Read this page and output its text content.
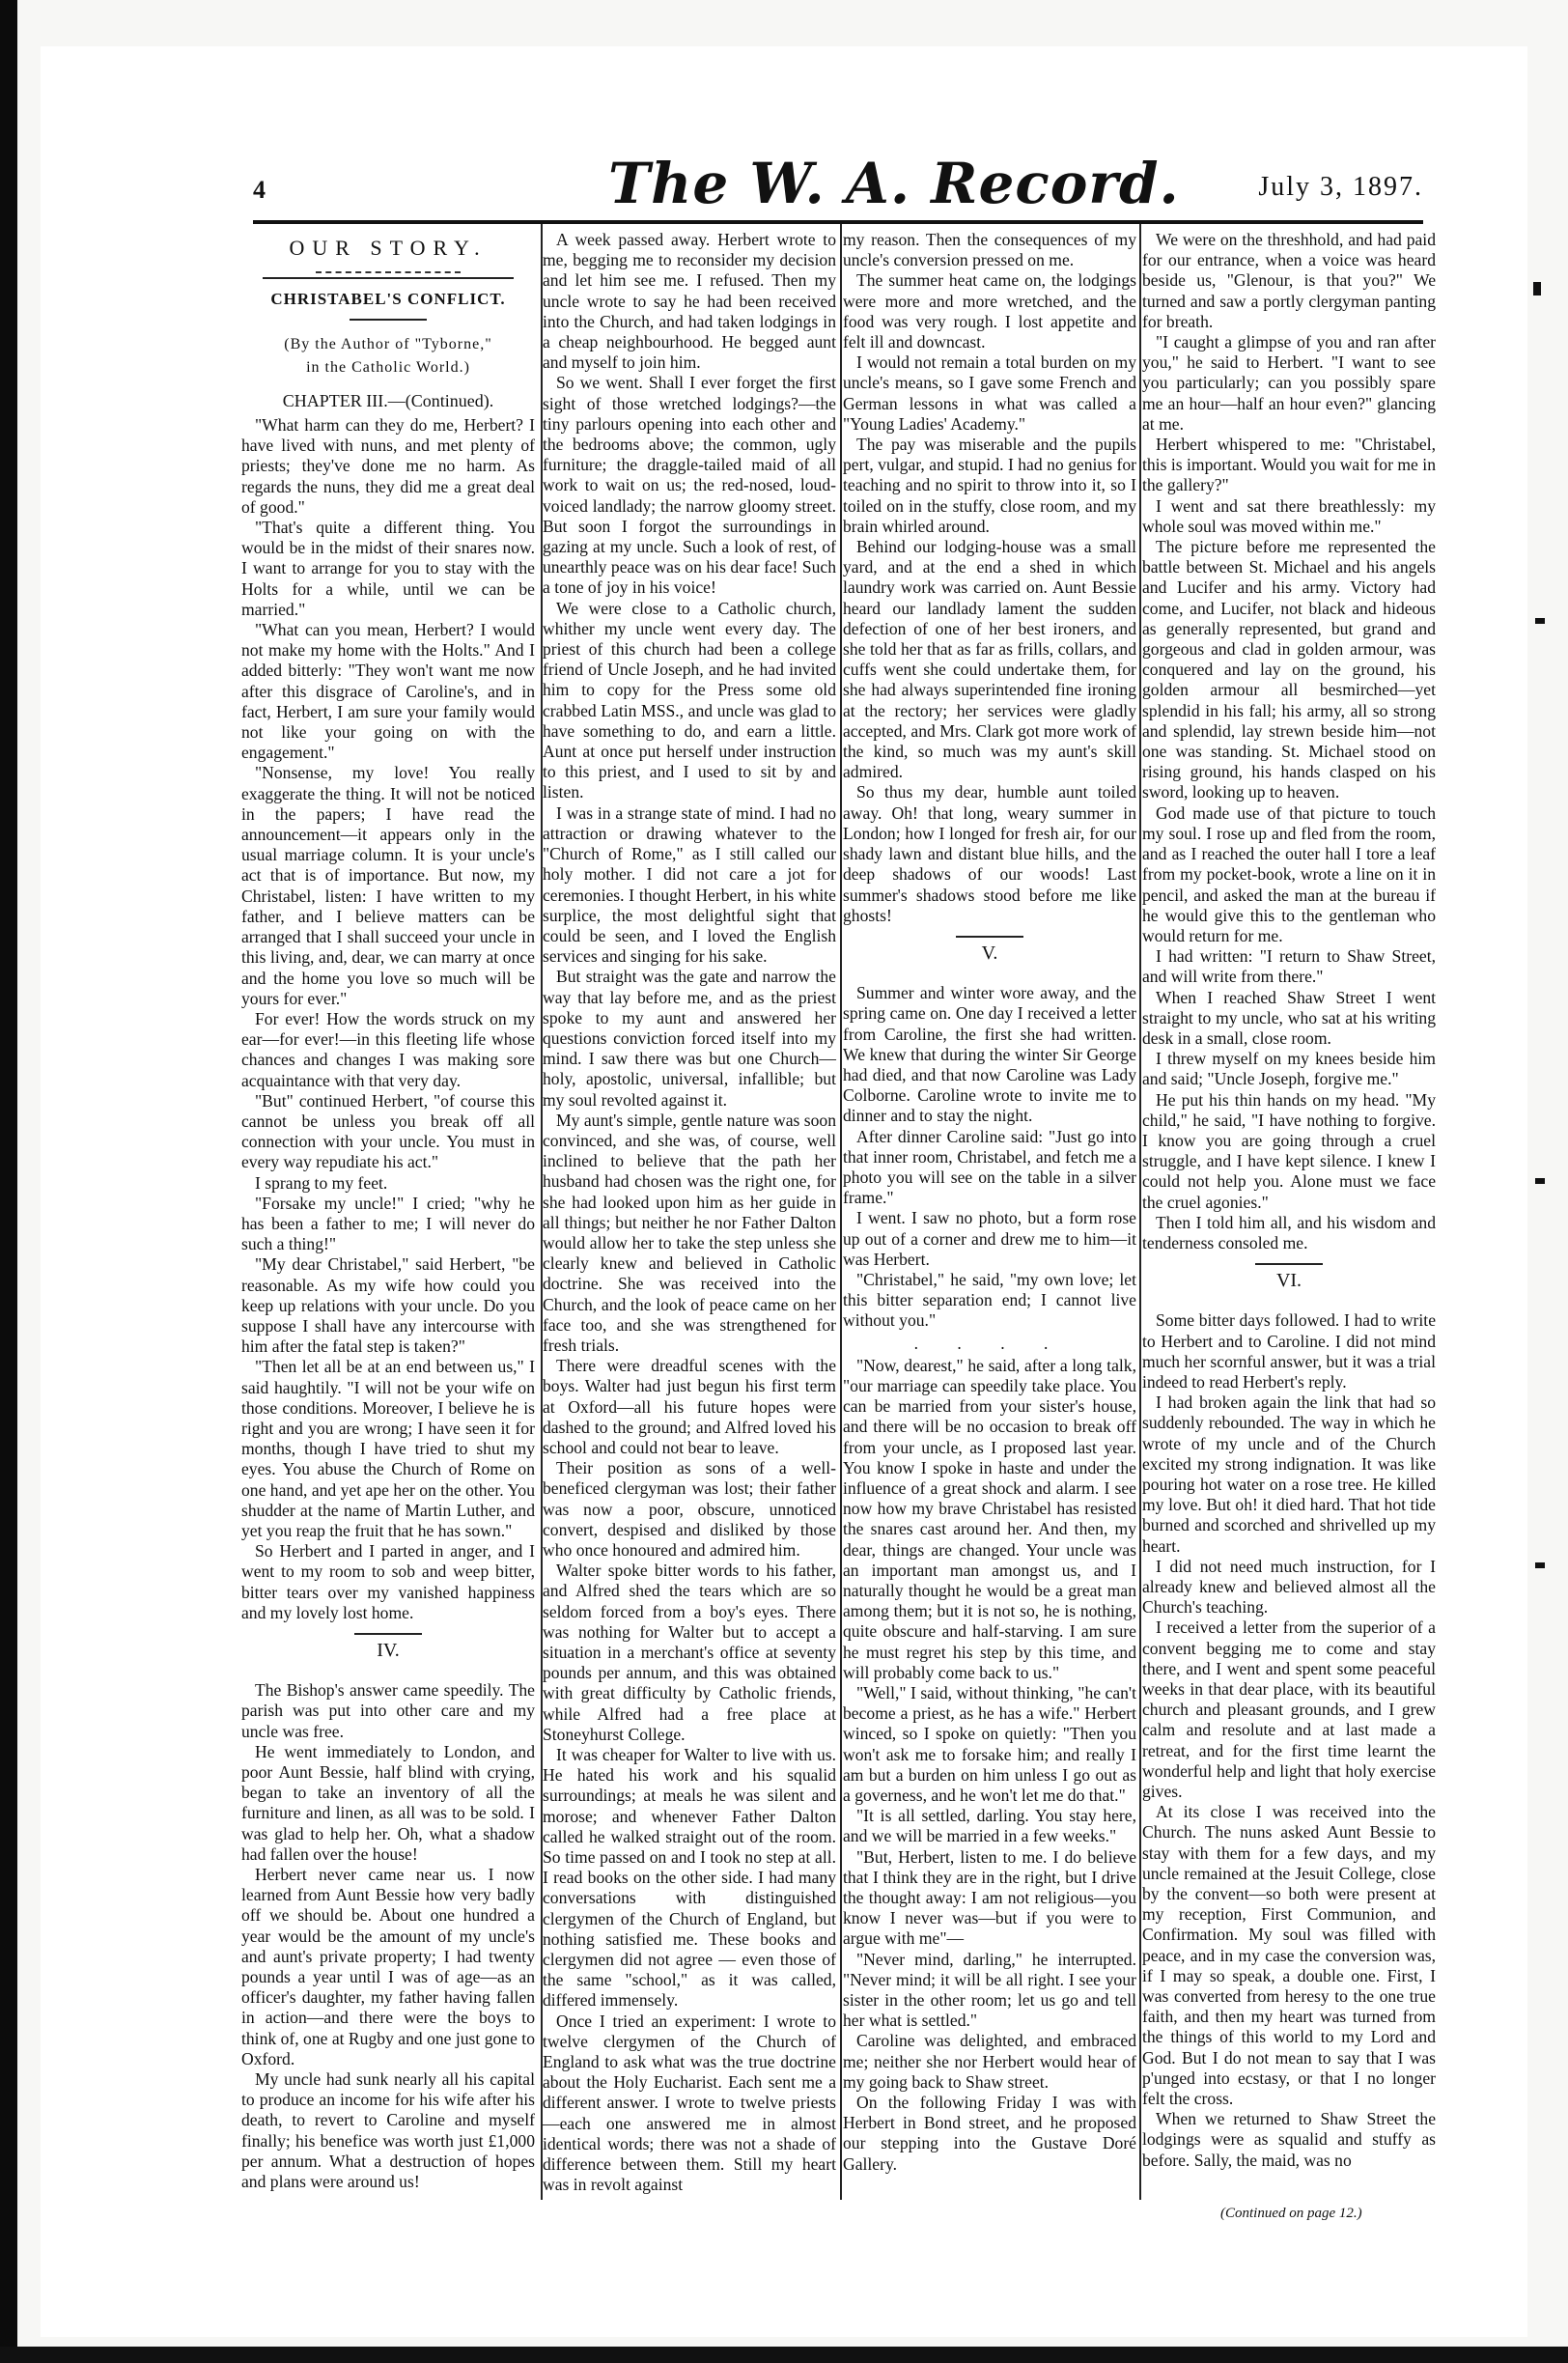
4	The W. A. Record.	July 3, 1897.
OUR STORY.
CHRISTABEL'S CONFLICT.
(By the Author of "Tyborne,"
in the Catholic World.)
CHAPTER III.—(Continued).

"What harm can they do me, Herbert? I have lived with nuns, and met plenty of priests; they've done me no harm. As regards the nuns, they did me a great deal of good."

"That's quite a different thing. You would be in the midst of their snares now. I want to arrange for you to stay with the Holts for a while, until we can be married."

"What can you mean, Herbert? I would not make my home with the Holts." And I added bitterly: "They won't want me now after this disgrace of Caroline's, and in fact, Herbert, I am sure your family would not like your going on with the engagement."

"Nonsense, my love! You really exaggerate the thing. It will not be noticed in the papers; I have read the announcement—it appears only in the usual marriage column. It is your uncle's act that is of importance. But now, my Christabel, listen: I have written to my father, and I believe matters can be arranged that I shall succeed your uncle in this living, and, dear, we can marry at once and the home you love so much will be yours for ever."

For ever! How the words struck on my ear—for ever!—in this fleeting life whose chances and changes I was making sore acquaintance with that very day.

"But" continued Herbert, "of course this cannot be unless you break off all connection with your uncle. You must in every way repudiate his act."

I sprang to my feet.

"Forsake my uncle!" I cried; "why he has been a father to me; I will never do such a thing!"

"My dear Christabel," said Herbert, "be reasonable. As my wife how could you keep up relations with your uncle. Do you suppose I shall have any intercourse with him after the fatal step is taken?"

"Then let all be at an end between us," I said haughtily. "I will not be your wife on those conditions. Moreover, I believe he is right and you are wrong; I have seen it for months, though I have tried to shut my eyes. You abuse the Church of Rome on one hand, and yet ape her on the other. You shudder at the name of Martin Luther, and yet you reap the fruit that he has sown."

So Herbert and I parted in anger, and I went to my room to sob and weep bitter, bitter tears over my vanished happiness and my lovely lost home.

IV.

The Bishop's answer came speedily. The parish was put into other care and my uncle was free.

He went immediately to London, and poor Aunt Bessie, half blind with crying, began to take an inventory of all the furniture and linen, as all was to be sold. I was glad to help her. Oh, what a shadow had fallen over the house!

Herbert never came near us. I now learned from Aunt Bessie how very badly off we should be. About one hundred a year would be the amount of my uncle's and aunt's private property; I had twenty pounds a year until I was of age—as an officer's daughter, my father having fallen in action—and there were the boys to think of, one at Rugby and one just gone to Oxford.

My uncle had sunk nearly all his capital to produce an income for his wife after his death, to revert to Caroline and myself finally; his benefice was worth just £1,000 per annum. What a destruction of hopes and plans were around us!

A week passed away. Herbert wrote to me, begging me to reconsider my decision and let him see me. I refused. Then my uncle wrote to say he had been received into the Church, and had taken lodgings in a cheap neighbourhood. He begged aunt and myself to join him.

So we went. Shall I ever forget the first sight of those wretched lodgings?—the tiny parlours opening into each other and the bedrooms above; the common, ugly furniture; the draggle-tailed maid of all work to wait on us; the red-nosed, loud-voiced landlady; the narrow gloomy street. But soon I forgot the surroundings in gazing at my uncle. Such a look of rest, of unearthly peace was on his dear face! Such a tone of joy in his voice!

We were close to a Catholic church, whither my uncle went every day. The priest of this church had been a college friend of Uncle Joseph, and he had invited him to copy for the Press some old crabbed Latin MSS., and uncle was glad to have something to do, and earn a little. Aunt at once put herself under instruction to this priest, and I used to sit by and listen.

I was in a strange state of mind. I had no attraction or drawing whatever to the "Church of Rome," as I still called our holy mother. I did not care a jot for ceremonies. I thought Herbert, in his white surplice, the most delightful sight that could be seen, and I loved the English services and singing for his sake.

But straight was the gate and narrow the way that lay before me, and as the priest spoke to my aunt and answered her questions conviction forced itself into my mind. I saw there was but one Church—holy, apostolic, universal, infallible; but my soul revolted against it.

My aunt's simple, gentle nature was soon convinced, and she was, of course, well inclined to believe that the path her husband had chosen was the right one, for she had looked upon him as her guide in all things; but neither he nor Father Dalton would allow her to take the step unless she clearly knew and believed in Catholic doctrine. She was received into the Church, and the look of peace came on her face too, and she was strengthened for fresh trials.

There were dreadful scenes with the boys. Walter had just begun his first term at Oxford—all his future hopes were dashed to the ground; and Alfred loved his school and could not bear to leave.

Their position as sons of a well-beneficed clergyman was lost; their father was now a poor, obscure, unnoticed convert, despised and disliked by those who once honoured and admired him.

Walter spoke bitter words to his father, and Alfred shed the tears which are so seldom forced from a boy's eyes. There was nothing for Walter but to accept a situation in a merchant's office at seventy pounds per annum, and this was obtained with great difficulty by Catholic friends, while Alfred had a free place at Stoneyhurst College.

It was cheaper for Walter to live with us. He hated his work and his squalid surroundings; at meals he was silent and morose; and whenever Father Dalton called he walked straight out of the room. So time passed on and I took no step at all. I read books on the other side. I had many conversations with distinguished clergymen of the Church of England, but nothing satisfied me. These books and clergymen did not agree — even those of the same "school," as it was called, differed immensely.

Once I tried an experiment: I wrote to twelve clergymen of the Church of England to ask what was the true doctrine about the Holy Eucharist. Each sent me a different answer. I wrote to twelve priests—each one answered me in almost identical words; there was not a shade of difference between them. Still my heart was in revolt against

my reason. Then the consequences of my uncle's conversion pressed on me.

The summer heat came on, the lodgings were more and more wretched, and the food was very rough. I lost appetite and felt ill and downcast.

I would not remain a total burden on my uncle's means, so I gave some French and German lessons in what was called a "Young Ladies' Academy."

The pay was miserable and the pupils pert, vulgar, and stupid. I had no genius for teaching and no spirit to throw into it, so I toiled on in the stuffy, close room, and my brain whirled around.

Behind our lodging-house was a small yard, and at the end a shed in which laundry work was carried on. Aunt Bessie heard our landlady lament the sudden defection of one of her best ironers, and she told her that as far as frills, collars, and cuffs went she could undertake them, for she had always superintended fine ironing at the rectory; her services were gladly accepted, and Mrs. Clark got more work of the kind, so much was my aunt's skill admired.

So thus my dear, humble aunt toiled away. Oh! that long, weary summer in London; how I longed for fresh air, for our shady lawn and distant blue hills, and the deep shadows of our woods! Last summer's shadows stood before me like ghosts!

V.

Summer and winter wore away, and the spring came on. One day I received a letter from Caroline, the first she had written. We knew that during the winter Sir George had died, and that now Caroline was Lady Colborne. Caroline wrote to invite me to dinner and to stay the night.

After dinner Caroline said: "Just go into that inner room, Christabel, and fetch me a photo you will see on the table in a silver frame."

I went. I saw no photo, but a form rose up out of a corner and drew me to him—it was Herbert.

"Christabel," he said, "my own love; let this bitter separation end; I cannot live without you."

. . . .

"Now, dearest," he said, after a long talk, "our marriage can speedily take place. You can be married from your sister's house, and there will be no occasion to break off from your uncle, as I proposed last year. You know I spoke in haste and under the influence of a great shock and alarm. I see now how my brave Christabel has resisted the snares cast around her. And then, my dear, things are changed. Your uncle was an important man amongst us, and I naturally thought he would be a great man among them; but it is not so, he is nothing, quite obscure and half-starving. I am sure he must regret his step by this time, and will probably come back to us."

"Well," I said, without thinking, "he can't become a priest, as he has a wife." Herbert winced, so I spoke on quietly: "Then you won't ask me to forsake him; and really I am but a burden on him unless I go out as a governess, and he won't let me do that."

"It is all settled, darling. You stay here, and we will be married in a few weeks."

"But, Herbert, listen to me. I do believe that I think they are in the right, but I drive the thought away: I am not religious—you know I never was—but if you were to argue with me"—

"Never mind, darling," he interrupted. "Never mind; it will be all right. I see your sister in the other room; let us go and tell her what is settled."

Caroline was delighted, and embraced me; neither she nor Herbert would hear of my going back to Shaw street.

On the following Friday I was with Herbert in Bond street, and he proposed our stepping into the Gustave Doré Gallery.

We were on the threshhold, and had paid for our entrance, when a voice was heard beside us, "Glenour, is that you?" We turned and saw a portly clergyman panting for breath.

"I caught a glimpse of you and ran after you," he said to Herbert. "I want to see you particularly; can you possibly spare me an hour—half an hour even?" glancing at me.

Herbert whispered to me: "Christabel, this is important. Would you wait for me in the gallery?"

I went and sat there breathlessly: my whole soul was moved within me."

The picture before me represented the battle between St. Michael and his angels and Lucifer and his army. Victory had come, and Lucifer, not black and hideous as generally represented, but grand and gorgeous and clad in golden armour, was conquered and lay on the ground, his golden armour all besmirched—yet splendid in his fall; his army, all so strong and splendid, lay strewn beside him—not one was standing. St. Michael stood on rising ground, his hands clasped on his sword, looking up to heaven.

God made use of that picture to touch my soul. I rose up and fled from the room, and as I reached the outer hall I tore a leaf from my pocket-book, wrote a line on it in pencil, and asked the man at the bureau if he would give this to the gentleman who would return for me.

I had written: "I return to Shaw Street, and will write from there."

When I reached Shaw Street I went straight to my uncle, who sat at his writing desk in a small, close room.

I threw myself on my knees beside him and said; "Uncle Joseph, forgive me."

He put his thin hands on my head. "My child," he said, "I have nothing to forgive. I know you are going through a cruel struggle, and I have kept silence. I knew I could not help you. Alone must we face the cruel agonies."

Then I told him all, and his wisdom and tenderness consoled me.

VI.

Some bitter days followed. I had to write to Herbert and to Caroline. I did not mind much her scornful answer, but it was a trial indeed to read Herbert's reply.

I had broken again the link that had so suddenly rebounded. The way in which he wrote of my uncle and of the Church excited my strong indignation. It was like pouring hot water on a rose tree. He killed my love. But oh! it died hard. That hot tide burned and scorched and shrivelled up my heart.

I did not need much instruction, for I already knew and believed almost all the Church's teaching.

I received a letter from the superior of a convent begging me to come and stay there, and I went and spent some peaceful weeks in that dear place, with its beautiful church and pleasant grounds, and I grew calm and resolute and at last made a retreat, and for the first time learnt the wonderful help and light that holy exercise gives.

At its close I was received into the Church. The nuns asked Aunt Bessie to stay with them for a few days, and my uncle remained at the Jesuit College, close by the convent—so both were present at my reception, First Communion, and Confirmation. My soul was filled with peace, and in my case the conversion was, if I may so speak, a double one. First, I was converted from heresy to the one true faith, and then my heart was turned from the things of this world to my Lord and God. But I do not mean to say that I was p'unged into ecstasy, or that I no longer felt the cross.

When we returned to Shaw Street the lodgings were as squalid and stuffy as before. Sally, the maid, was no

(Continued on page 12.)
